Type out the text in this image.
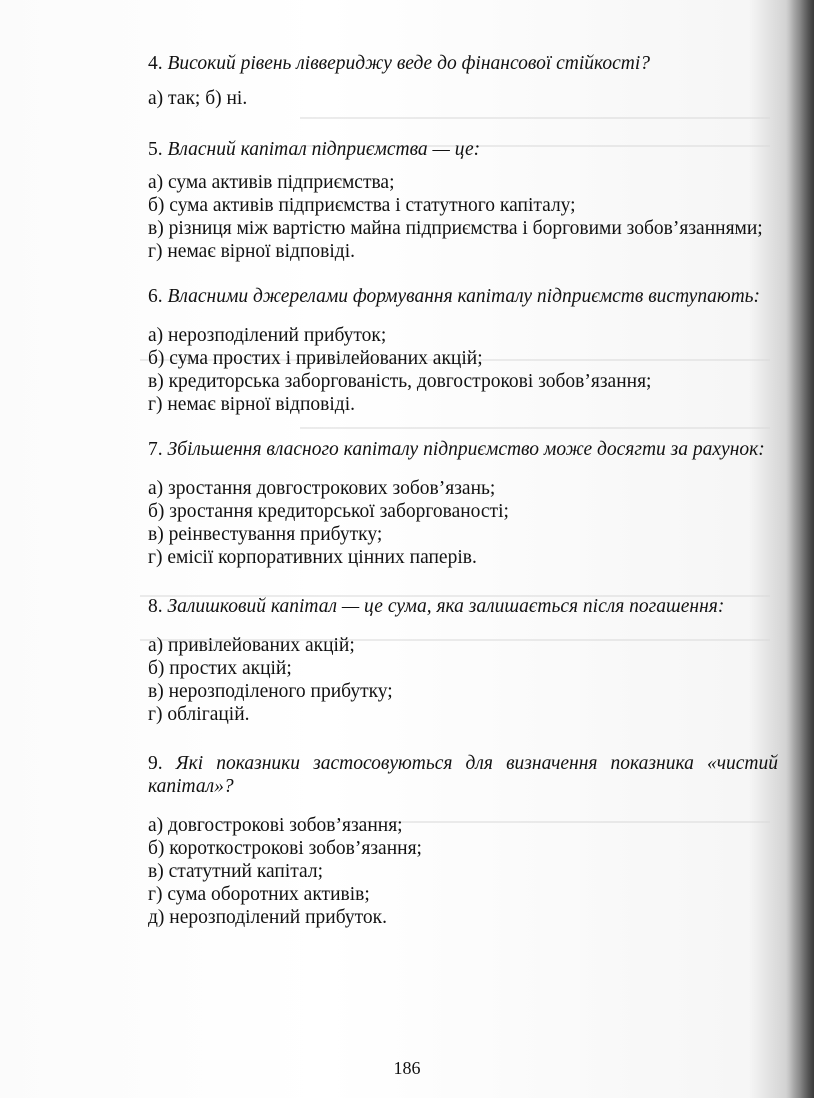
4. Високий рівень ліввериджу веде до фінансової стійкості?

а) так; б) ні.

5. Власний капітал підприємства — це:

а) сума активів підприємства;
б) сума активів підприємства і статутного капіталу;
в) різниця між вартістю майна підприємства і борговими зобов’язаннями;
г) немає вірної відповіді.

6. Власними джерелами формування капіталу підприємств виступають:

а) нерозподілений прибуток;
б) сума простих і привілейованих акцій;
в) кредиторська заборгованість, довгострокові зобов’язання;
г) немає вірної відповіді.

7. Збільшення власного капіталу підприємство може досягти за рахунок:

а) зростання довгострокових зобов’язань;
б) зростання кредиторської заборгованості;
в) реінвестування прибутку;
г) емісії корпоративних цінних паперів.

8. Залишковий капітал — це сума, яка залишається після погашення:

а) привілейованих акцій;
б) простих акцій;
в) нерозподіленого прибутку;
г) облігацій.

9. Які показники застосовуються для визначення показника «чистий капітал»?

а) довгострокові зобов’язання;
б) короткострокові зобов’язання;
в) статутний капітал;
г) сума оборотних активів;
д) нерозподілений прибуток.
186
